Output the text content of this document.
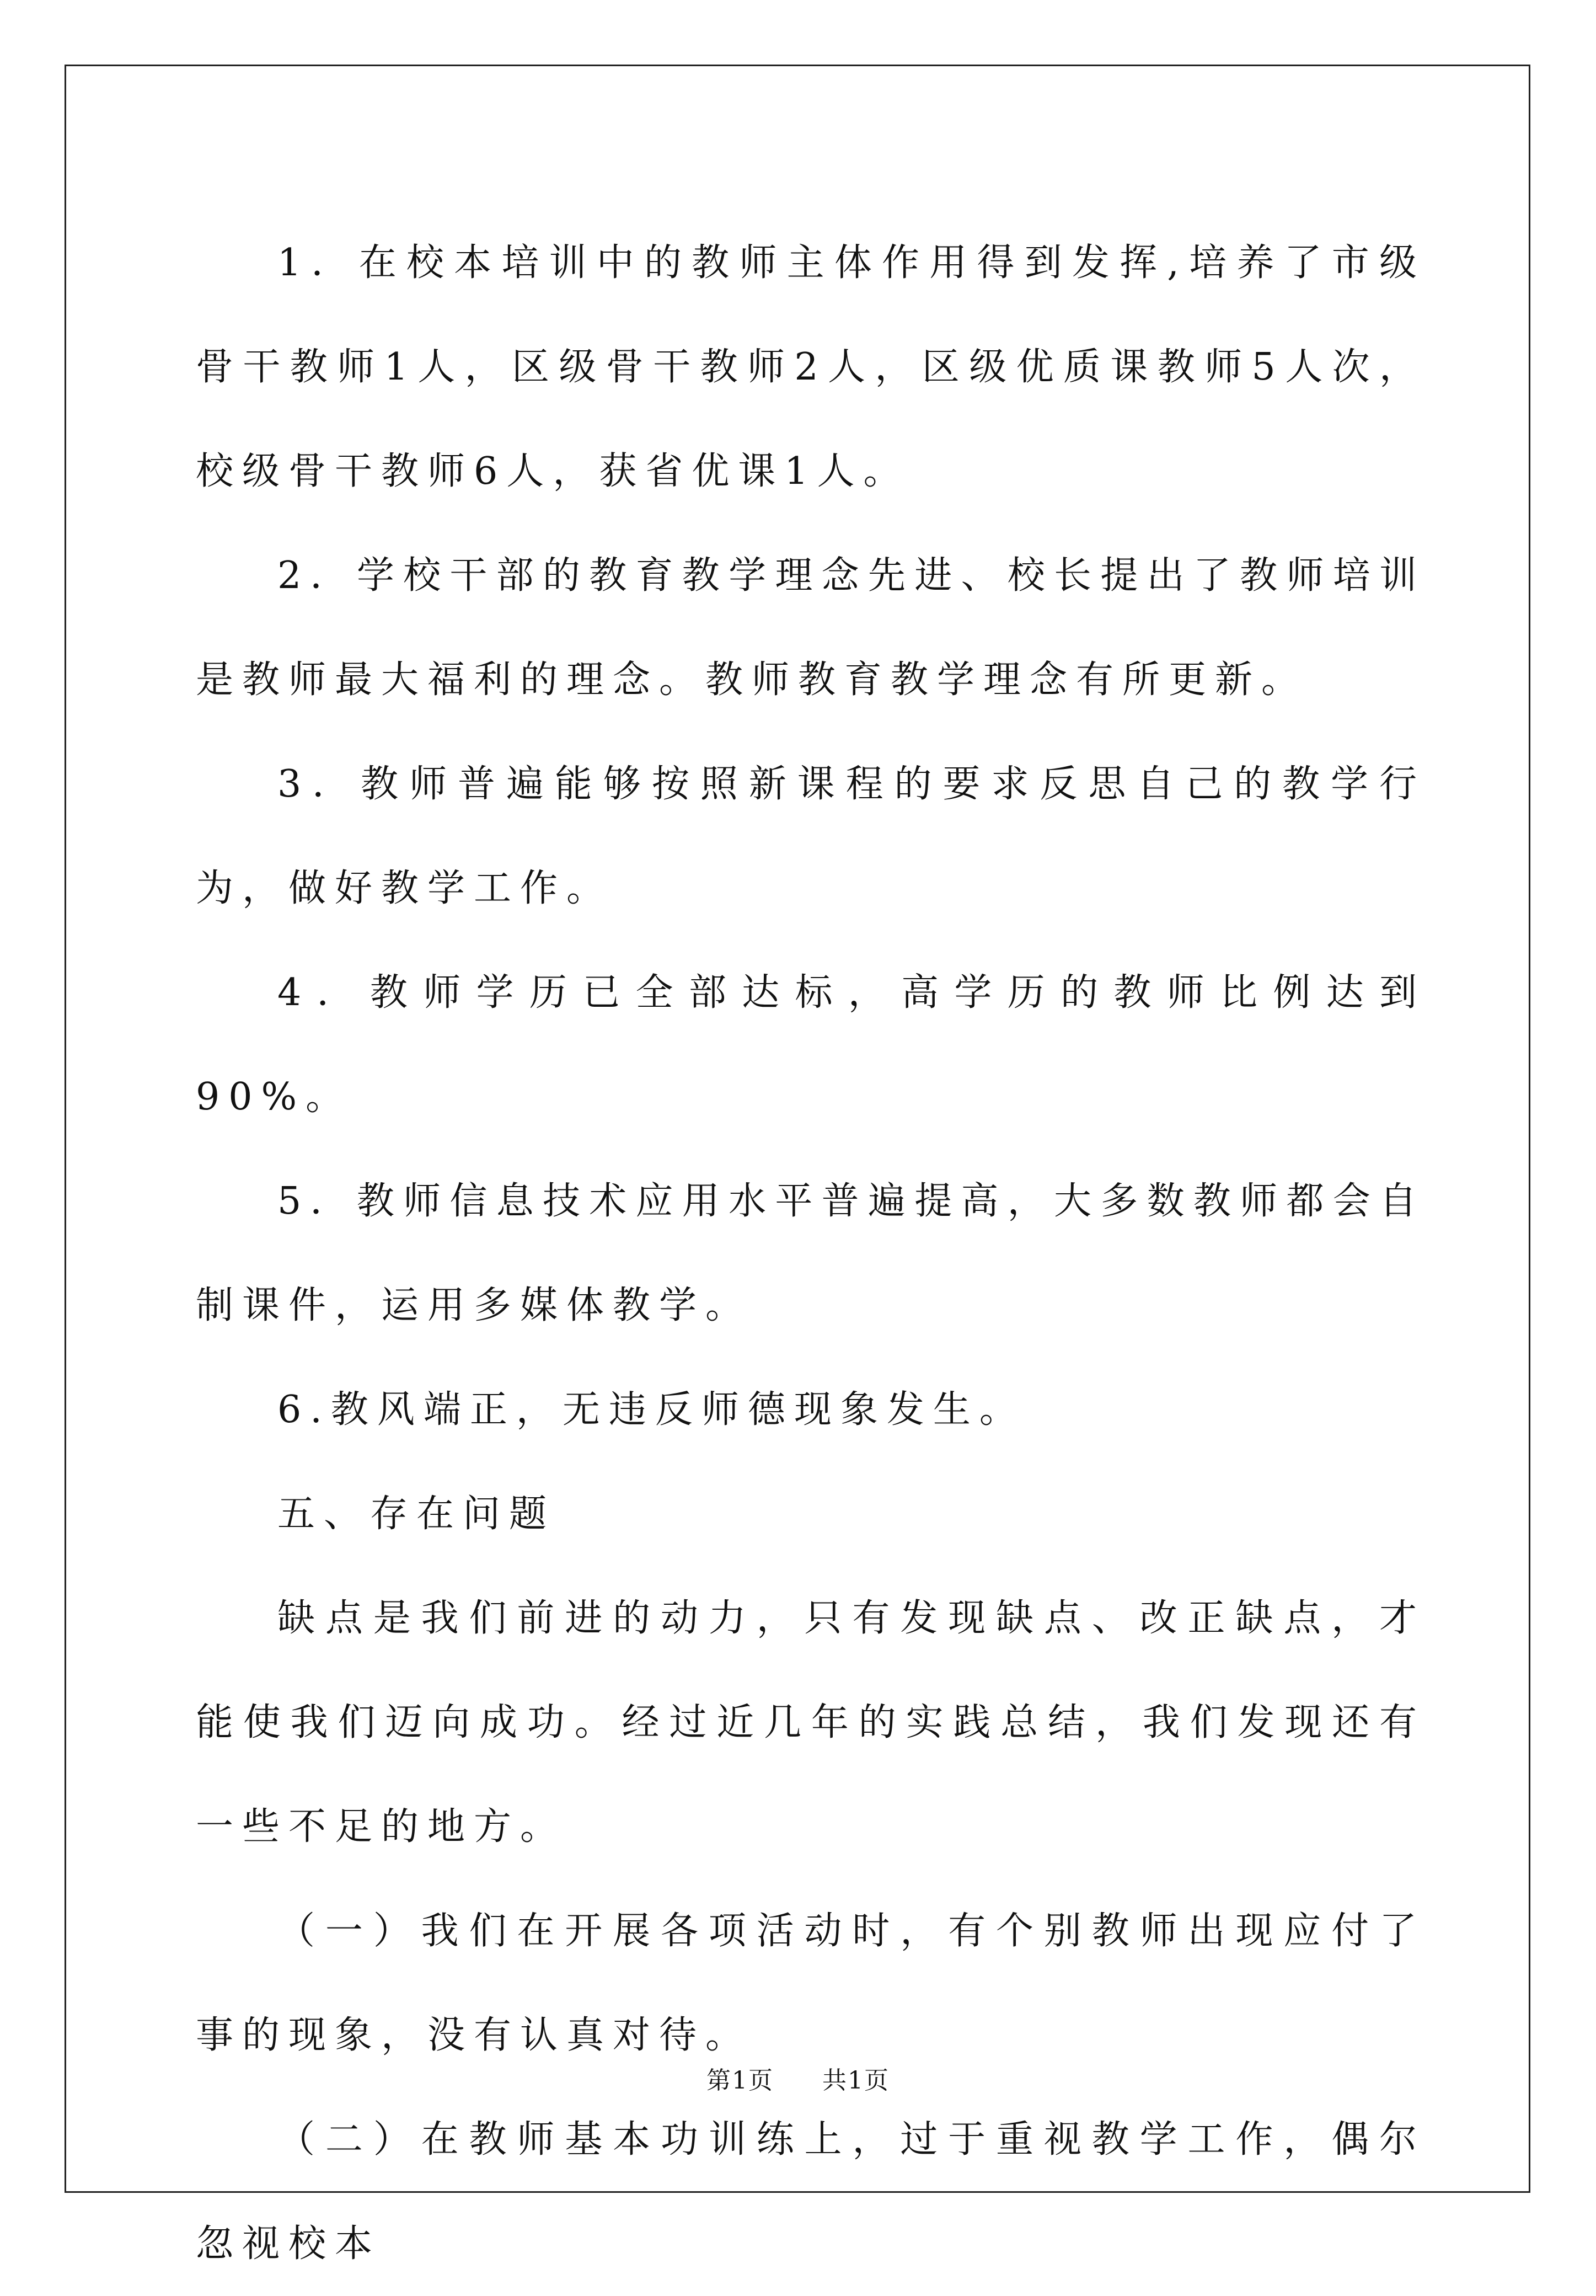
1．在校本培训中的教师主体作用得到发挥,培养了市级骨干教师1人，区级骨干教师2人，区级优质课教师5人次，校级骨干教师6人，获省优课1人。

2．学校干部的教育教学理念先进、校长提出了教师培训是教师最大福利的理念。教师教育教学理念有所更新。

3．教师普遍能够按照新课程的要求反思自己的教学行为，做好教学工作。

4．教师学历已全部达标，高学历的教师比例达到90%。

5．教师信息技术应用水平普遍提高，大多数教师都会自制课件，运用多媒体教学。

6.教风端正，无违反师德现象发生。

五、存在问题

缺点是我们前进的动力，只有发现缺点、改正缺点，才能使我们迈向成功。经过近几年的实践总结，我们发现还有一些不足的地方。

（一）我们在开展各项活动时，有个别教师出现应付了事的现象，没有认真对待。

（二）在教师基本功训练上，过于重视教学工作，偶尔忽视校本

第1页  共1页
